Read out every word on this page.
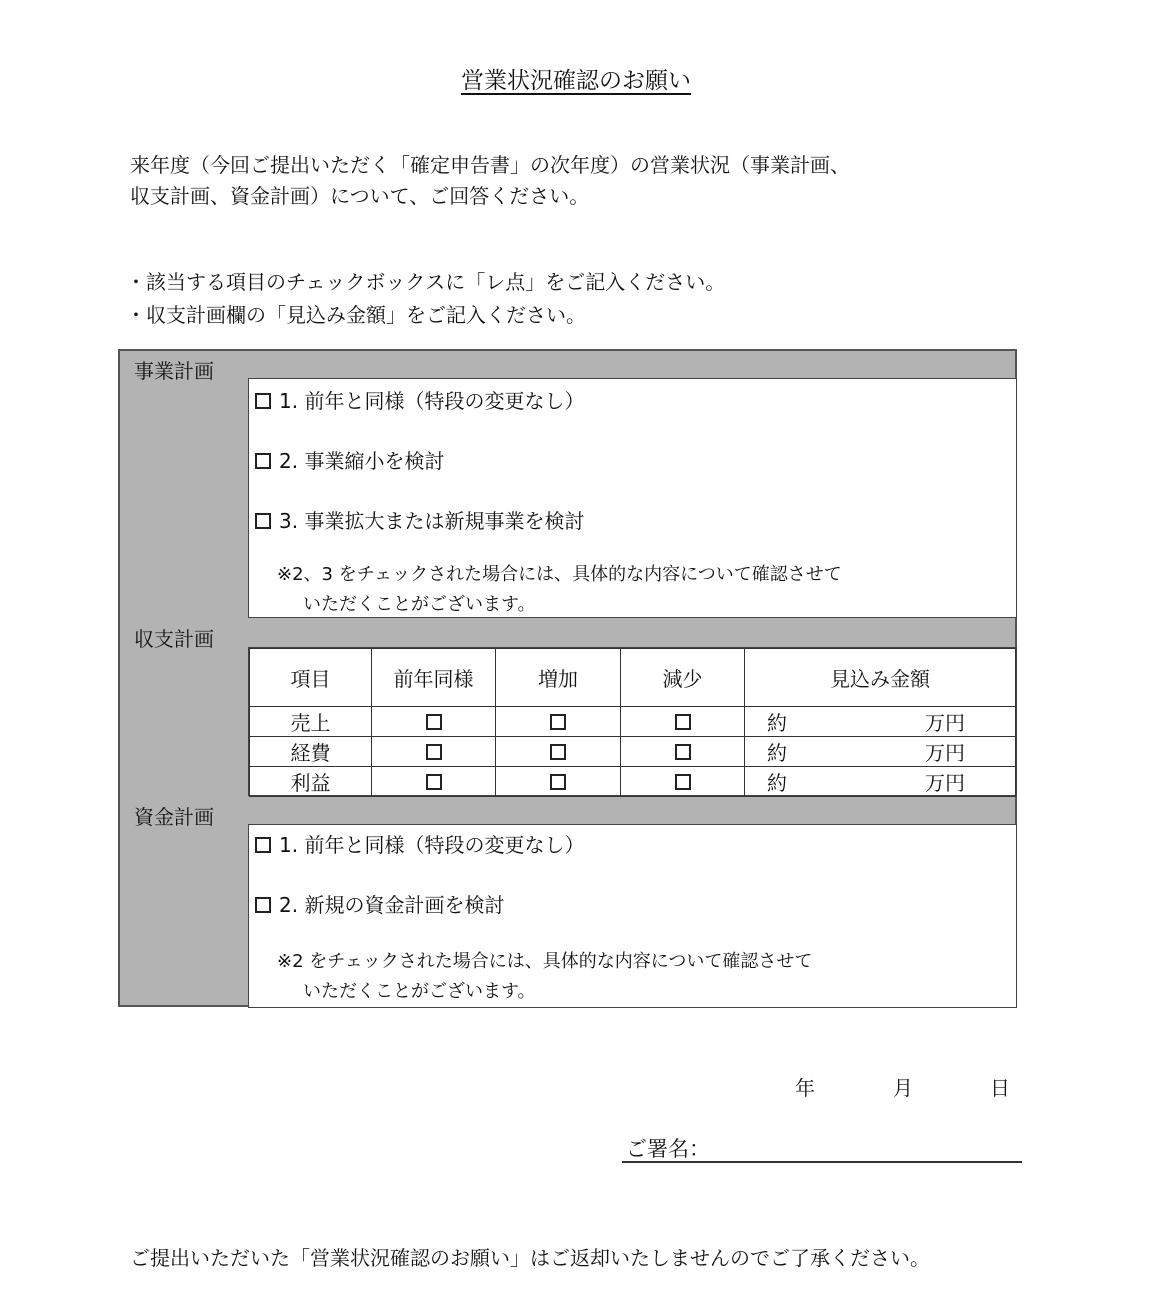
営業状況確認のお願い
来年度（今回ご提出いただく「確定申告書」の次年度）の営業状況（事業計画、
収支計画、資金計画）について、ご回答ください。
・該当する項目のチェックボックスに「レ点」をご記入ください。
・収支計画欄の「見込み金額」をご記入ください。
事業計画
1. 前年と同様（特段の変更なし）
2. 事業縮小を検討
3. 事業拡大または新規事業を検討
※2、3 をチェックされた場合には、具体的な内容について確認させて
いただくことがございます。
収支計画
項目	前年同様	増加	減少	見込み金額
売上				約 万円

経費				約 万円

利益				約 万円
資金計画
1. 前年と同様（特段の変更なし）
2. 新規の資金計画を検討
※2 をチェックされた場合には、具体的な内容について確認させて
いただくことがございます。
年	月	日
ご署名：
ご提出いただいた「営業状況確認のお願い」はご返却いたしませんのでご了承ください。
